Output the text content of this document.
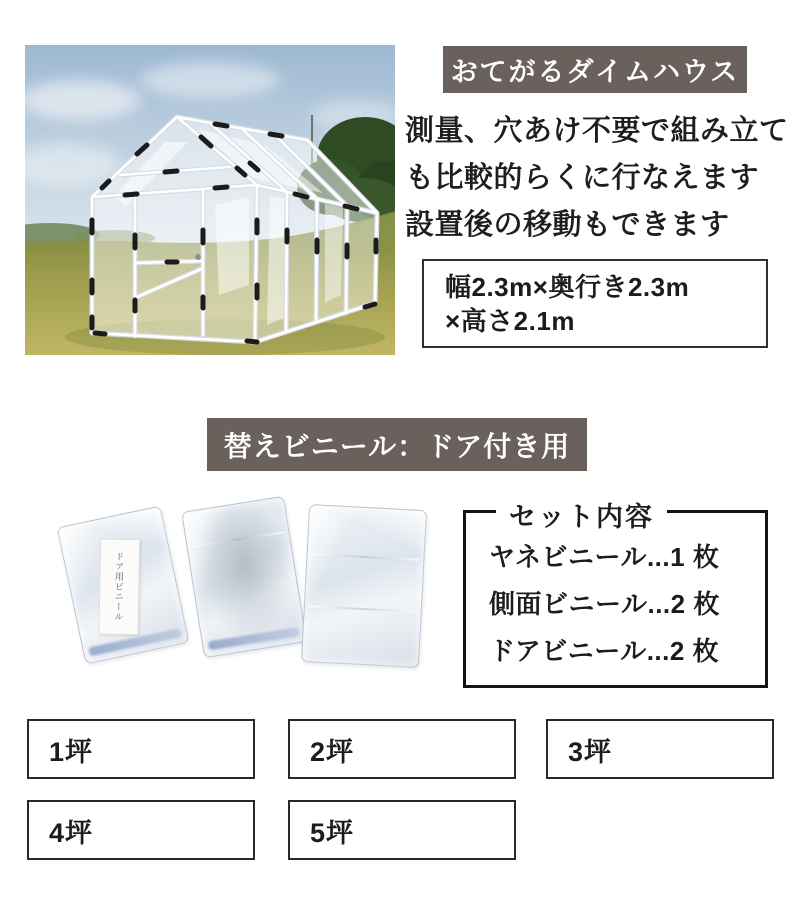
おてがるダイムハウス
測量、穴あけ不要で組み立て
も比較的らくに行なえます
設置後の移動もできます
幅2.3m×奥行き2.3m
×高さ2.1m
替えビニール：ドア付き用
ドア用ビニール
セット内容
ヤネビニール...1 枚
側面ビニール...2 枚
ドアビニール...2 枚
1坪	2坪	3坪
4坪	5坪
